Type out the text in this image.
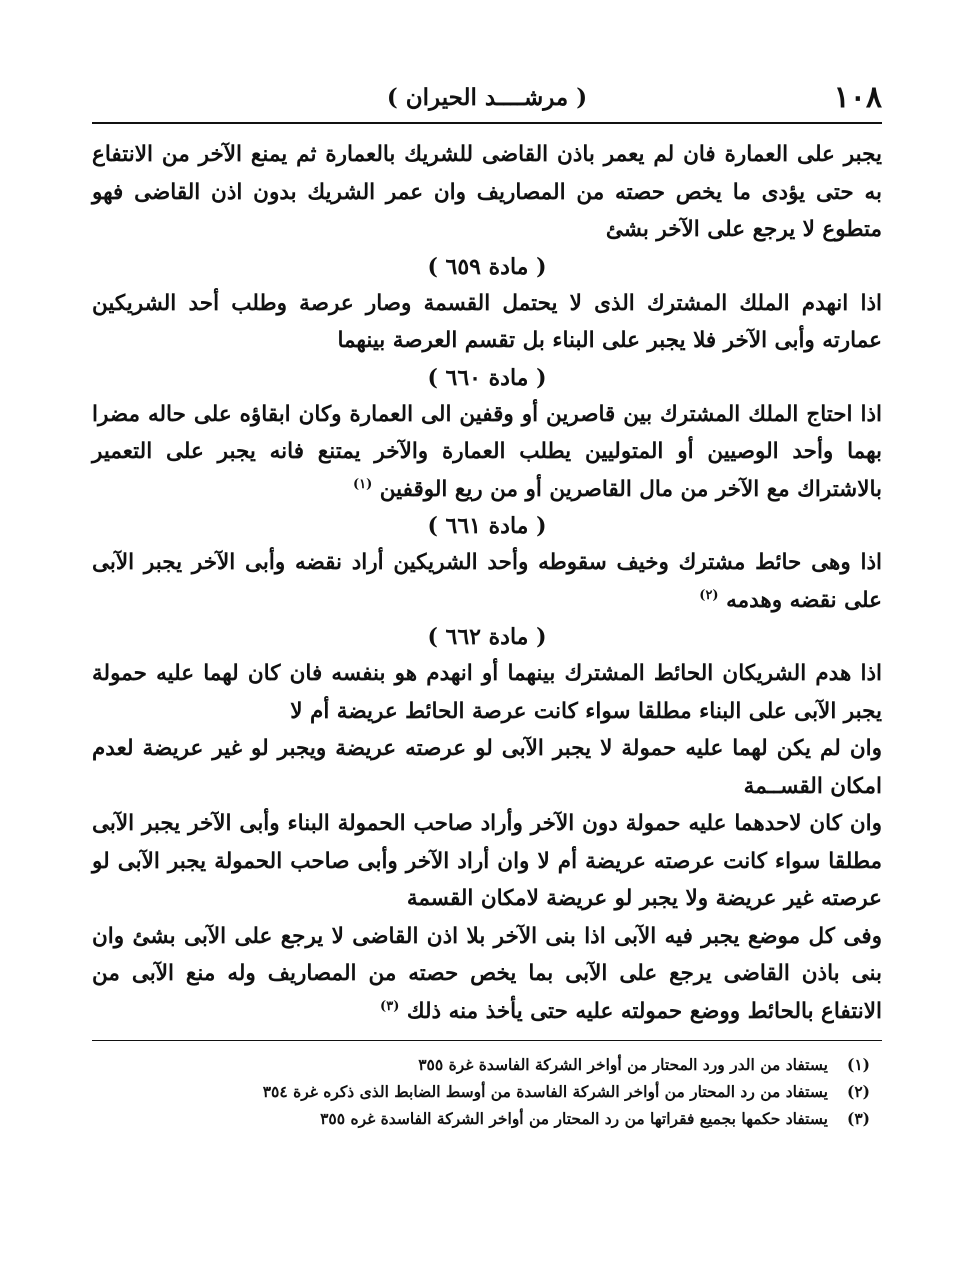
١٠٨
( مرشــــد الحيران )

يجبر على العمارة فان لم يعمر باذن القاضى للشريك بالعمارة ثم يمنع الآخر من الانتفاع به حتى يؤدى ما يخص حصته من المصاريف وان عمر الشريك بدون اذن القاضى فهو متطوع لا يرجع على الآخر بشئ

( مادة ٦٥٩ )

اذا انهدم الملك المشترك الذى لا يحتمل القسمة وصار عرصة وطلب أحد الشريكين عمارته وأبى الآخر فلا يجبر على البناء بل تقسم العرصة بينهما

( مادة ٦٦٠ )

اذا احتاج الملك المشترك بين قاصرين أو وقفين الى العمارة وكان ابقاؤه على حاله مضرا بهما وأحد الوصيين أو المتوليين يطلب العمارة والآخر يمتنع فانه يجبر على التعمير بالاشتراك مع الآخر من مال القاصرين أو من ريع الوقفين $^{(١)}$

( مادة ٦٦١ )

اذا وهى حائط مشترك وخيف سقوطه وأحد الشريكين أراد نقضه وأبى الآخر يجبر الآبى على نقضه وهدمه $^{(٢)}$

( مادة ٦٦٢ )

اذا هدم الشريكان الحائط المشترك بينهما أو انهدم هو بنفسه فان كان لهما عليه حمولة يجبر الآبى على البناء مطلقا سواء كانت عرصة الحائط عريضة أم لا

وان لم يكن لهما عليه حمولة لا يجبر الآبى لو عرصته عريضة ويجبر لو غير عريضة لعدم امكان القســمة

وان كان لاحدهما عليه حمولة دون الآخر وأراد صاحب الحمولة البناء وأبى الآخر يجبر الآبى مطلقا سواء كانت عرصته عريضة أم لا وان أراد الآخر وأبى صاحب الحمولة يجبر الآبى لو عرصته غير عريضة ولا يجبر لو عريضة لامكان القسمة

وفى كل موضع يجبر فيه الآبى اذا بنى الآخر بلا اذن القاضى لا يرجع على الآبى بشئ وان بنى باذن القاضى يرجع على الآبى بما يخص حصته من المصاريف وله منع الآبى من الانتفاع بالحائط ووضع حمولته عليه حتى يأخذ منه ذلك $^{(٣)}$

(١)
يستفاد من الدر ورد المحتار من أواخر الشركة الفاسدة غرة ٣٥٥
(٢)
يستفاد من رد المحتار من أواخر الشركة الفاسدة من أوسط الضابط الذى ذكره غرة ٣٥٤
(٣)
يستفاد حكمها بجميع فقراتها من رد المحتار من أواخر الشركة الفاسدة غره ٣٥٥
